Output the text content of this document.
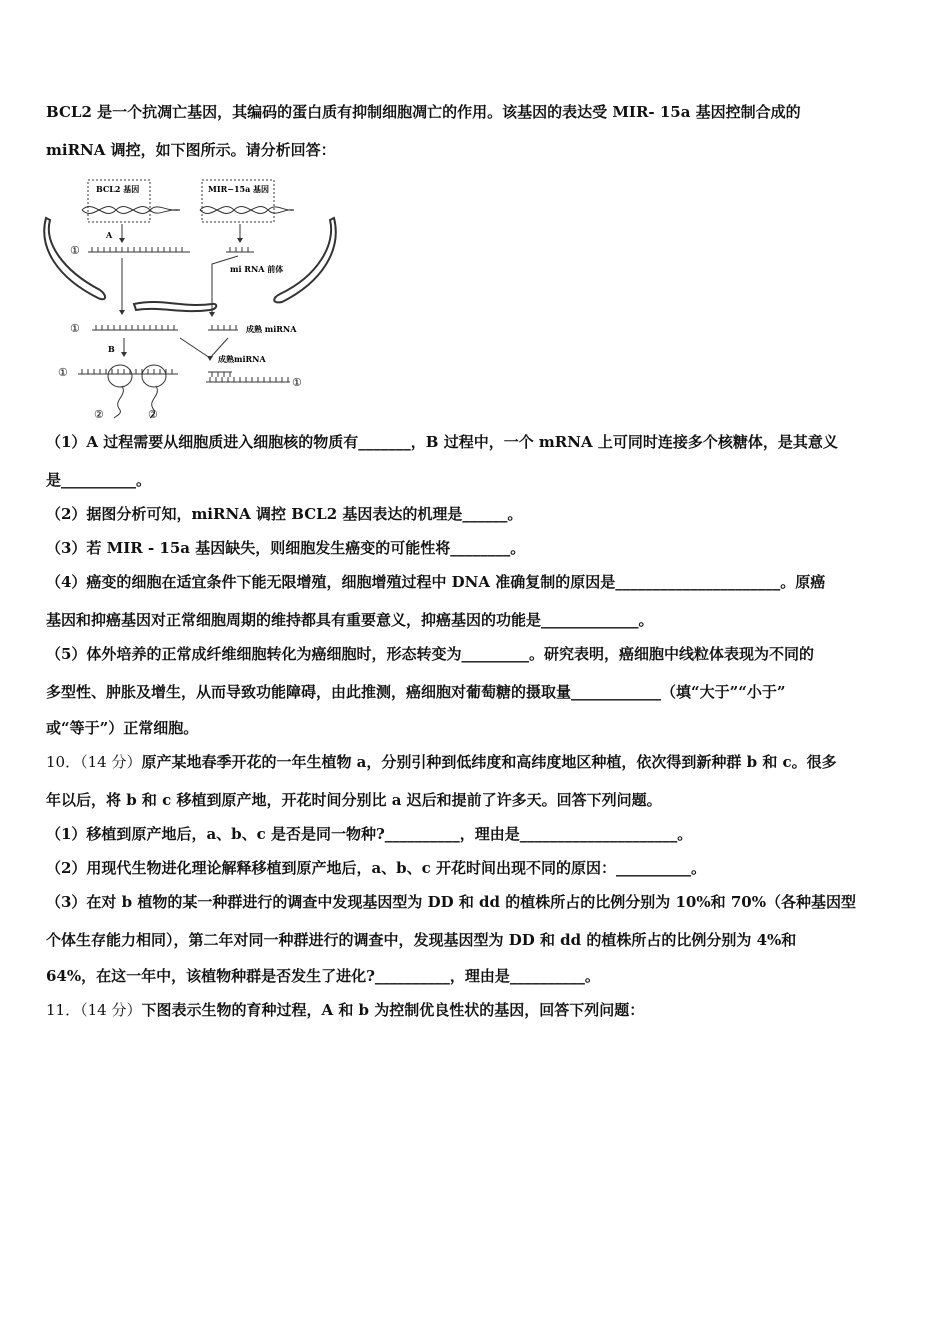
BCL2 是一个抗凋亡基因，其编码的蛋白质有抑制细胞凋亡的作用。该基因的表达受 MIR- 15a 基因控制合成的
miRNA 调控，如下图所示。请分析回答：
BCL2 基因	MIR−15a 基因
A
①
mi RNA 前体
①	成熟 miRNA
B
成熟miRNA
①
②	②
①
（1）A 过程需要从细胞质进入细胞核的物质有_______，B 过程中，一个 mRNA 上可同时连接多个核糖体，是其意义
是__________。
（2）据图分析可知，miRNA 调控 BCL2 基因表达的机理是______。
（3）若 MIR - 15a 基因缺失，则细胞发生癌变的可能性将________。
（4）癌变的细胞在适宜条件下能无限增殖，细胞增殖过程中 DNA 准确复制的原因是______________________。原癌
基因和抑癌基因对正常细胞周期的维持都具有重要意义，抑癌基因的功能是_____________。
（5）体外培养的正常成纤维细胞转化为癌细胞时，形态转变为_________。研究表明，癌细胞中线粒体表现为不同的
多型性、肿胀及增生，从而导致功能障碍，由此推测，癌细胞对葡萄糖的摄取量____________（填“大于”“小于”
或“等于”）正常细胞。
10．（14 分）原产某地春季开花的一年生植物 a，分别引种到低纬度和高纬度地区种植，依次得到新种群 b 和 c。很多
年以后，将 b 和 c 移植到原产地，开花时间分别比 a 迟后和提前了许多天。回答下列问题。
（1）移植到原产地后，a、b、c 是否是同一物种?__________，理由是_____________________。
（2）用现代生物进化理论解释移植到原产地后，a、b、c 开花时间出现不同的原因：__________。
（3）在对 b 植物的某一种群进行的调查中发现基因型为 DD 和 dd 的植株所占的比例分别为 10%和 70%（各种基因型
个体生存能力相同），第二年对同一种群进行的调查中，发现基因型为 DD 和 dd 的植株所占的比例分别为 4%和
64%，在这一年中，该植物种群是否发生了进化?__________，理由是__________。
11．（14 分）下图表示生物的育种过程，A 和 b 为控制优良性状的基因，回答下列问题：
